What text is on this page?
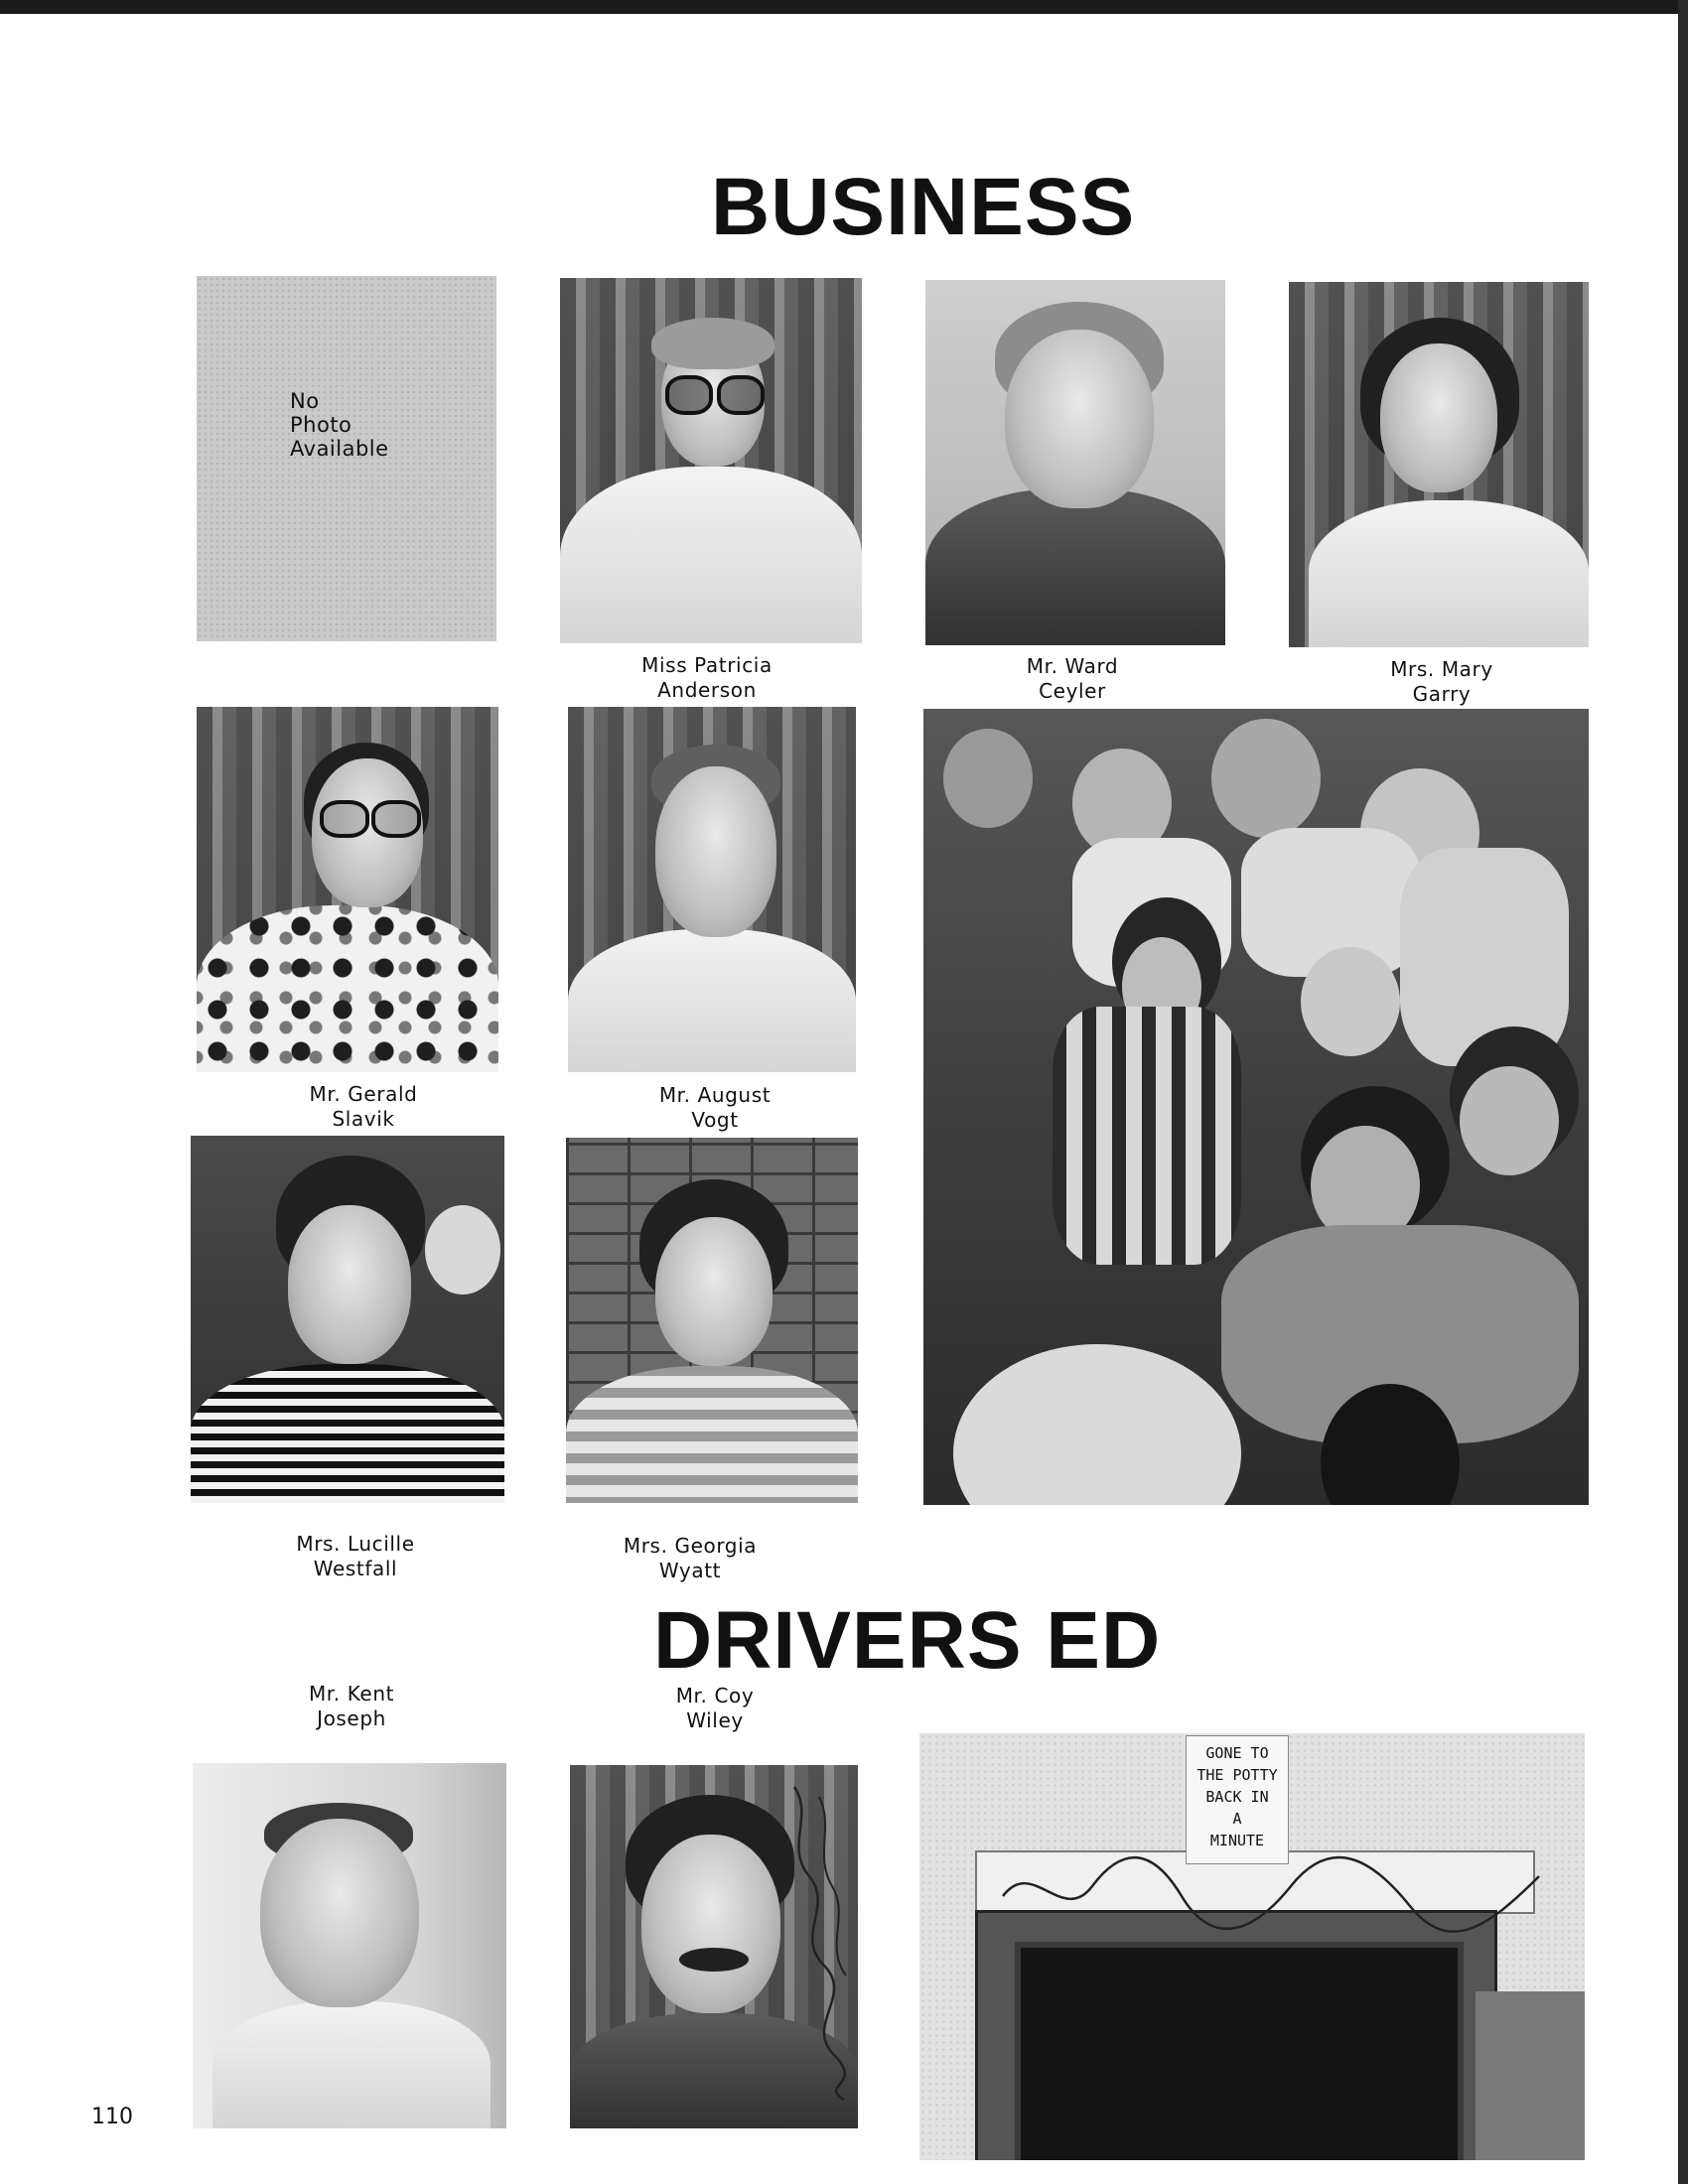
BUSINESS
No
Photo
Available
Miss Patricia
Anderson
Mr. Ward
Ceyler
Mrs. Mary
Garry
Mr. Gerald
Slavik
Mr. August
Vogt
Mrs. Lucille
Westfall
Mrs. Georgia
Wyatt
DRIVERS ED
Mr. Kent
Joseph
Mr. Coy
Wiley
GONE TO
THE POTTY
BACK IN
A
MINUTE
110
